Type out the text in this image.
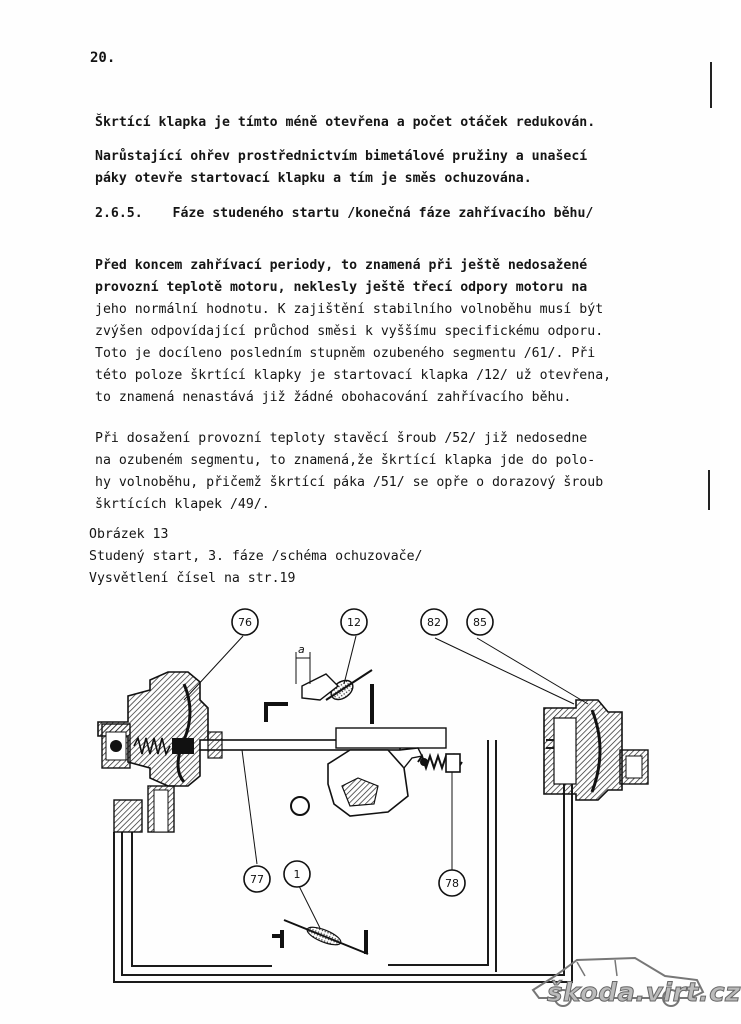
20.
Škrtící klapka je tímto méně otevřena a počet otáček redukován.
Narůstající ohřev prostřednictvím bimetálové pružiny a unašecí
páky otevře startovací klapku a tím je směs ochuzována.
2.6.5. Fáze studeného startu /konečná fáze zahřívacího běhu/
Před koncem zahřívací periody, to znamená při ještě nedosažené
provozní teplotě motoru, neklesly ještě třecí odpory motoru na
jeho normální hodnotu. K zajištění stabilního volnoběhu musí být
zvýšen odpovídající průchod směsi k vyššímu specifickému odporu.
Toto je docíleno posledním stupněm ozubeného segmentu /61/. Při
této poloze škrtící klapky je startovací klapka /12/ už otevřena,
to znamená nenastává již žádné obohacování zahřívacího běhu.
Při dosažení provozní teploty stavěcí šroub /52/ již nedosedne
na ozubeném segmentu, to znamená,že škrtící klapka jde do polo-
hy volnoběhu, přičemž škrtící páka /51/ se opře o dorazový šroub
škrtících klapek /49/.
Obrázek 13
Studený start, 3. fáze /schéma ochuzovače/
Vysvětlení čísel na str.19
a
76	12	82	85
77	1
78
škoda.virt.cz
